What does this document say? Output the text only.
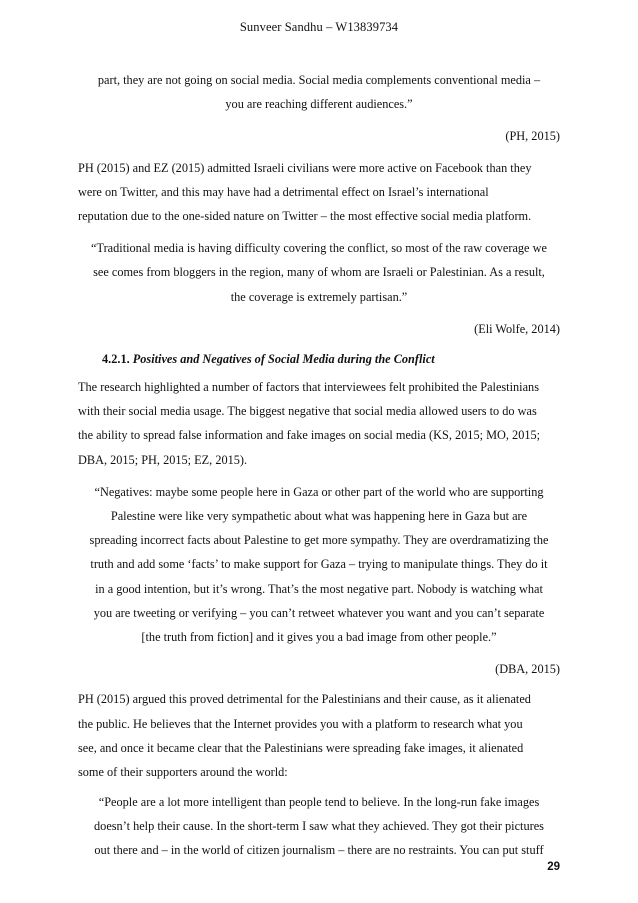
Sunveer Sandhu – W13839734
part, they are not going on social media. Social media complements conventional media –
you are reaching different audiences.”
(PH, 2015)
PH (2015) and EZ (2015) admitted Israeli civilians were more active on Facebook than they
were on Twitter, and this may have had a detrimental effect on Israel’s international
reputation due to the one-sided nature on Twitter – the most effective social media platform.
“Traditional media is having difficulty covering the conflict, so most of the raw coverage we
see comes from bloggers in the region, many of whom are Israeli or Palestinian. As a result,
the coverage is extremely partisan.”
(Eli Wolfe, 2014)
4.2.1. Positives and Negatives of Social Media during the Conflict
The research highlighted a number of factors that interviewees felt prohibited the Palestinians
with their social media usage. The biggest negative that social media allowed users to do was
the ability to spread false information and fake images on social media (KS, 2015; MO, 2015;
DBA, 2015; PH, 2015; EZ, 2015).
“Negatives: maybe some people here in Gaza or other part of the world who are supporting
Palestine were like very sympathetic about what was happening here in Gaza but are
spreading incorrect facts about Palestine to get more sympathy. They are overdramatizing the
truth and add some ‘facts’ to make support for Gaza – trying to manipulate things. They do it
in a good intention, but it’s wrong. That’s the most negative part. Nobody is watching what
you are tweeting or verifying – you can’t retweet whatever you want and you can’t separate
[the truth from fiction] and it gives you a bad image from other people.”
(DBA, 2015)
PH (2015) argued this proved detrimental for the Palestinians and their cause, as it alienated
the public. He believes that the Internet provides you with a platform to research what you
see, and once it became clear that the Palestinians were spreading fake images, it alienated
some of their supporters around the world:
“People are a lot more intelligent than people tend to believe. In the long-run fake images
doesn’t help their cause. In the short-term I saw what they achieved. They got their pictures
out there and – in the world of citizen journalism – there are no restraints. You can put stuff
29
